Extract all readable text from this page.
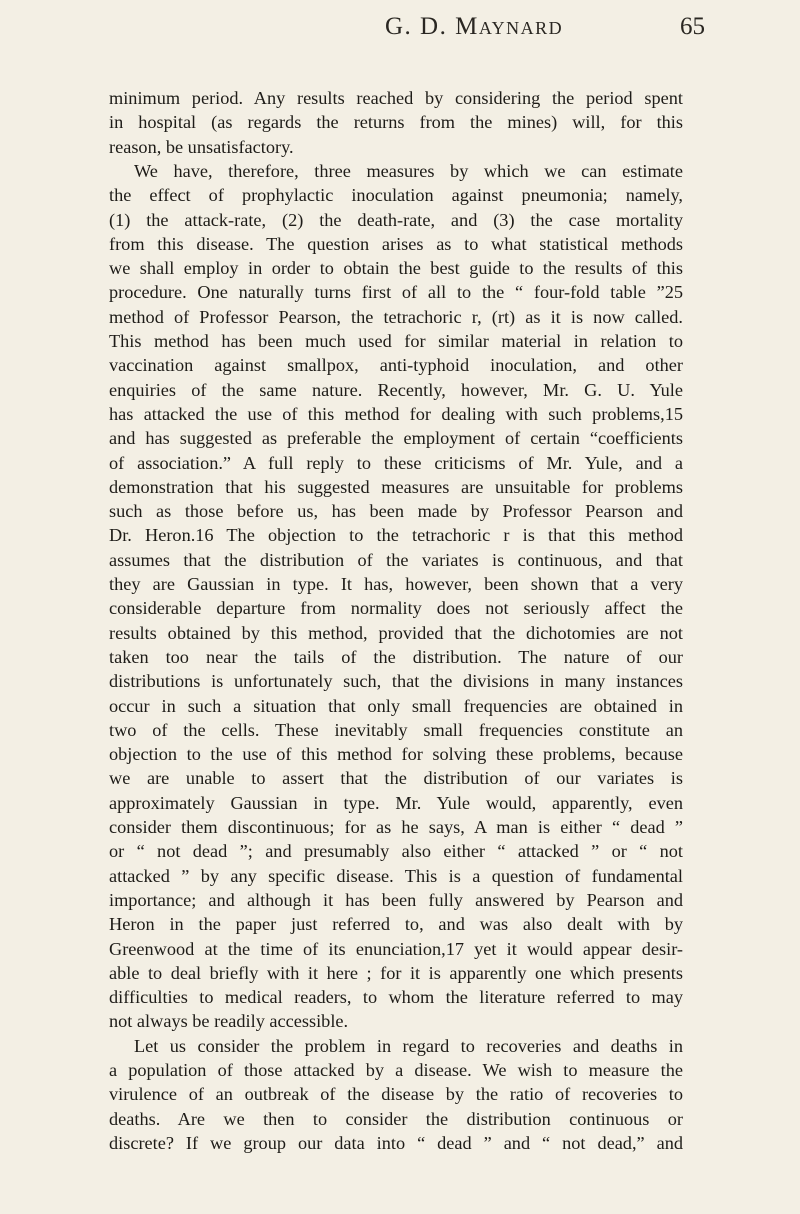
G. D. Maynard	65
minimum period. Any results reached by considering the period spent
in hospital (as regards the returns from the mines) will, for this
reason, be unsatisfactory.
We have, therefore, three measures by which we can estimate
the effect of prophylactic inoculation against pneumonia; namely,
(1) the attack-rate, (2) the death-rate, and (3) the case mortality
from this disease. The question arises as to what statistical methods
we shall employ in order to obtain the best guide to the results of this
procedure. One naturally turns first of all to the “ four-fold table ”25
method of Professor Pearson, the tetrachoric r, (rt) as it is now called.
This method has been much used for similar material in relation to
vaccination against smallpox, anti-typhoid inoculation, and other
enquiries of the same nature. Recently, however, Mr. G. U. Yule
has attacked the use of this method for dealing with such problems,15
and has suggested as preferable the employment of certain “coefficients
of association.” A full reply to these criticisms of Mr. Yule, and a
demonstration that his suggested measures are unsuitable for problems
such as those before us, has been made by Professor Pearson and
Dr. Heron.16 The objection to the tetrachoric r is that this method
assumes that the distribution of the variates is continuous, and that
they are Gaussian in type. It has, however, been shown that a very
considerable departure from normality does not seriously affect the
results obtained by this method, provided that the dichotomies are not
taken too near the tails of the distribution. The nature of our
distributions is unfortunately such, that the divisions in many instances
occur in such a situation that only small frequencies are obtained in
two of the cells. These inevitably small frequencies constitute an
objection to the use of this method for solving these problems, because
we are unable to assert that the distribution of our variates is
approximately Gaussian in type. Mr. Yule would, apparently, even
consider them discontinuous; for as he says, A man is either “ dead ”
or “ not dead ”; and presumably also either “ attacked ” or “ not
attacked ” by any specific disease. This is a question of fundamental
importance; and although it has been fully answered by Pearson and
Heron in the paper just referred to, and was also dealt with by
Greenwood at the time of its enunciation,17 yet it would appear desir-
able to deal briefly with it here ; for it is apparently one which presents
difficulties to medical readers, to whom the literature referred to may
not always be readily accessible.
Let us consider the problem in regard to recoveries and deaths in
a population of those attacked by a disease. We wish to measure the
virulence of an outbreak of the disease by the ratio of recoveries to
deaths. Are we then to consider the distribution continuous or
discrete? If we group our data into “ dead ” and “ not dead,” and
